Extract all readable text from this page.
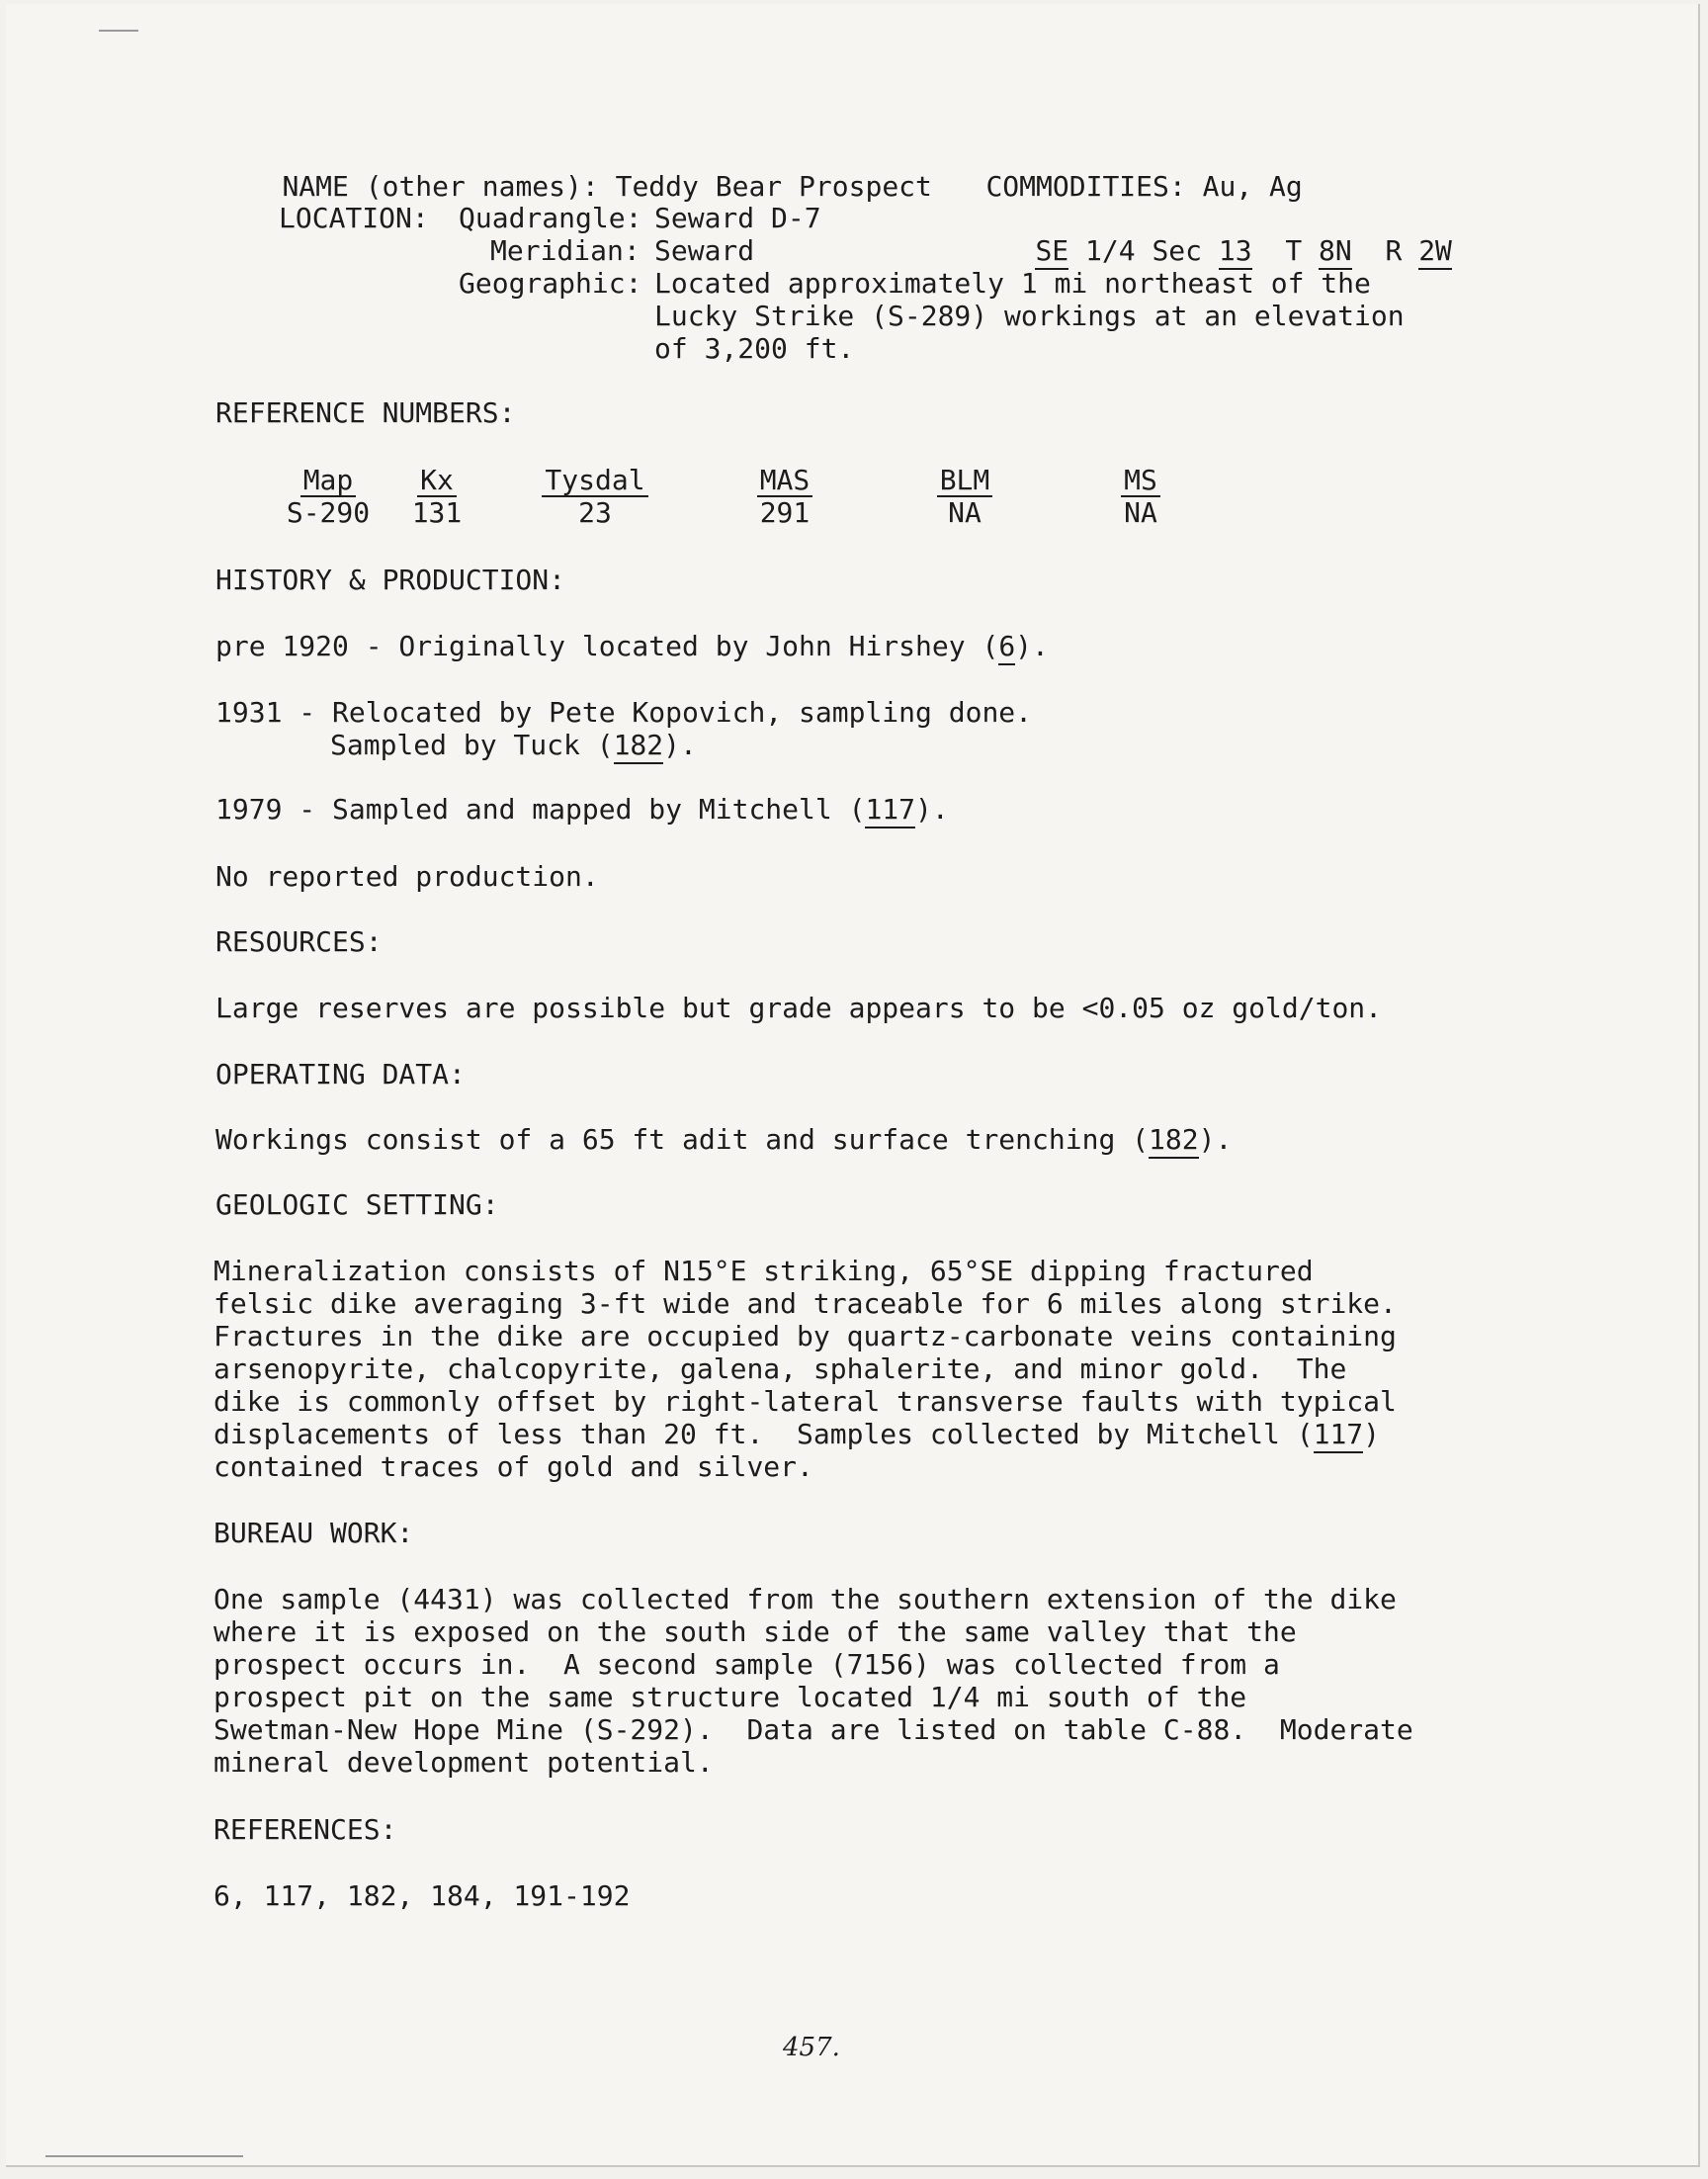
NAME (other names): Teddy Bear Prospect
	COMMODITIES: Au, Ag

LOCATION: Quadrangle: Seward D-7

SE 1/4 Sec 13 T 8N R 2W

Meridian: Seward
Geographic: Located approximately 1 mi northeast of the
Lucky Strike (S-289) workings at an elevation
of 3,200 ft.
REFERENCE NUMBERS:
Map
S-290
Kx
131
Tysdal
23
MAS
291
BLM
NA
MS
NA
HISTORY & PRODUCTION:
pre 1920 - Originally located by John Hirshey (6).
1931 - Relocated by Pete Kopovich, sampling done.
Sampled by Tuck (182).
1979 - Sampled and mapped by Mitchell (117).
No reported production.
RESOURCES:
Large reserves are possible but grade appears to be <0.05 oz gold/ton.
OPERATING DATA:
Workings consist of a 65 ft adit and surface trenching (182).
GEOLOGIC SETTING:
Mineralization consists of N15°E striking, 65°SE dipping fractured
felsic dike averaging 3-ft wide and traceable for 6 miles along strike.
Fractures in the dike are occupied by quartz-carbonate veins containing
arsenopyrite, chalcopyrite, galena, sphalerite, and minor gold.  The
dike is commonly offset by right-lateral transverse faults with typical
displacements of less than 20 ft.  Samples collected by Mitchell (117)
contained traces of gold and silver.
BUREAU WORK:
One sample (4431) was collected from the southern extension of the dike
where it is exposed on the south side of the same valley that the
prospect occurs in.  A second sample (7156) was collected from a
prospect pit on the same structure located 1/4 mi south of the
Swetman-New Hope Mine (S-292).  Data are listed on table C-88.  Moderate
mineral development potential.
REFERENCES:
6, 117, 182, 184, 191-192
457.
